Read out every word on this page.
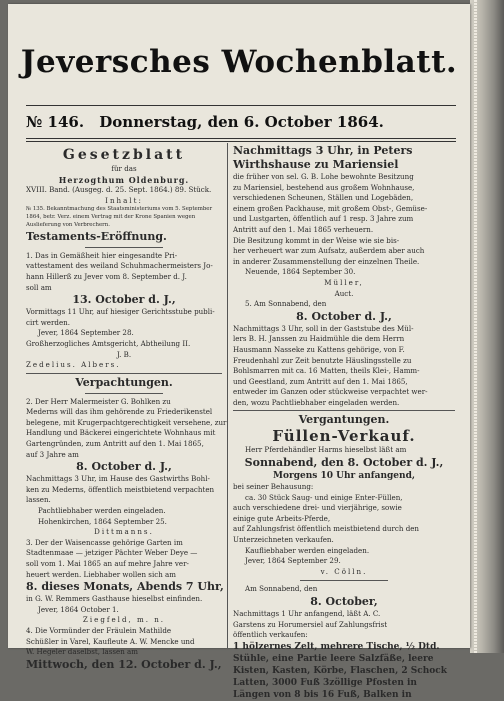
Jeversches Wochenblatt.
№ 146. Donnerstag, den 6. October 1864.
Gesetzblatt
für das
Herzogthum Oldenburg.
XVIII. Band. (Ausgeg. d. 25. Sept. 1864.) 89. Stück.
Inhalt:
№ 135. Bekanntmachung des Staatsministeriums vom 5. September
1864, betr. Verz. einem Vertrag mit der Krone Spanien wegen
Auslieferung von Verbrechern.
Testaments-Eröffnung.
1. Das in Gemäßheit hier eingesandte Pri-
vattestament des weiland Schuhmachermeisters Jo-
hann Hillerß zu Jever vom 8. September d. J.
soll am
13. October d. J.,
Vormittags 11 Uhr, auf hiesiger Gerichtsstube publi-
cirt werden.
Jever, 1864 September 28.
Großherzogliches Amtsgericht, Abtheilung II.
J. B.
Zedelius. Albers.
Verpachtungen.
2. Der Herr Malermeister G. Bohlken zu
Mederns will das ihm gehörende zu Friederikenstel
belegene, mit Krugerpachtgerechtigkeit versehene, zur
Handlung und Bäckerei eingerichtete Wohnhaus mit
Gartengründen, zum Antritt auf den 1. Mai 1865,
auf 3 Jahre am
8. October d. J.,
Nachmittags 3 Uhr, im Hause des Gastwirths Bohl-
ken zu Mederns, öffentlich meistbietend verpachten
lassen.
Pachtliebhaber werden eingeladen.
Hohenkirchen, 1864 September 25.
Dittmanns.
3. Der der Waisencasse gehörige Garten im
Stadtenmaae — jetziger Pächter Weber Deye —
soll vom 1. Mai 1865 an auf mehre Jahre ver-
heuert werden. Liebhaber wollen sich am
8. dieses Monats, Abends 7 Uhr,
in G. W. Remmers Gasthause hieselbst einfinden.
Jever, 1864 October 1.
Ziegfeld, m. n.
4. Die Vormünder der Fräulein Mathilde
Schüßler in Varel, Kaufleute A. W. Mencke und
W. Hegeler daselbst, lassen am
Mittwoch, den 12. October d. J.,
Nachmittags 3 Uhr, in Peters
Wirthshause zu Mariensiel
die früher von sel. G. B. Lohe bewohnte Besitzung
zu Mariensiel, bestehend aus großem Wohnhause,
verschiedenen Scheunen, Ställen und Logebäden,
einem großen Packhause, mit großem Obst-, Gemüse-
und Lustgarten, öffentlich auf 1 resp. 3 Jahre zum
Antritt auf den 1. Mai 1865 verheuern.
Die Besitzung kommt in der Weise wie sie bis-
her verheuert war zum Aufsatz, außerdem aber auch
in anderer Zusammenstellung der einzelnen Theile.
Neuende, 1864 September 30.
Müller,
Auct.
5. Am Sonnabend, den
8. October d. J.,
Nachmittags 3 Uhr, soll in der Gaststube des Mül-
lers B. H. Janssen zu Haidmühle die dem Herrn
Hausmann Nasseke zu Kattens gehörige, von F.
Freudenhahl zur Zeit benutzte Häuslingsstelle zu
Bohlsmarren mit ca. 16 Matten, theils Klei-, Hamm-
und Geestland, zum Antritt auf den 1. Mai 1865,
entweder im Ganzen oder stückweise verpachtet wer-
den, wozu Pachtliebhaber eingeladen werden.
Vergantungen.
Füllen-Verkauf.
Herr Pferdehändler Harms hieselbst läßt am
Sonnabend, den 8. October d. J.,
Morgens 10 Uhr anfangend,
bei seiner Behausung:
ca. 30 Stück Saug- und einige Enter-Füllen,
auch verschiedene drei- und vierjährige, sowie
einige gute Arbeits-Pferde,
auf Zahlungsfrist öffentlich meistbietend durch den
Unterzeichneten verkaufen.
Kaufliebhaber werden eingeladen.
Jever, 1864 September 29.
v. Cölln.
Am Sonnabend, den
8. October,
Nachmittags 1 Uhr anfangend, läßt A. C.
Garstens zu Horumersiel auf Zahlungsfrist
öffentlich verkaufen:
1 hölzernes Zelt, mehrere Tische, ½ Dtd.
Stühle, eine Partie leere Salzfäße, leere
Kisten, Kasten, Körbe, Flaschen, 2 Schock
Latten, 3000 Fuß 3zöllige Pfosten in
Längen von 8 bis 16 Fuß, Balken in
